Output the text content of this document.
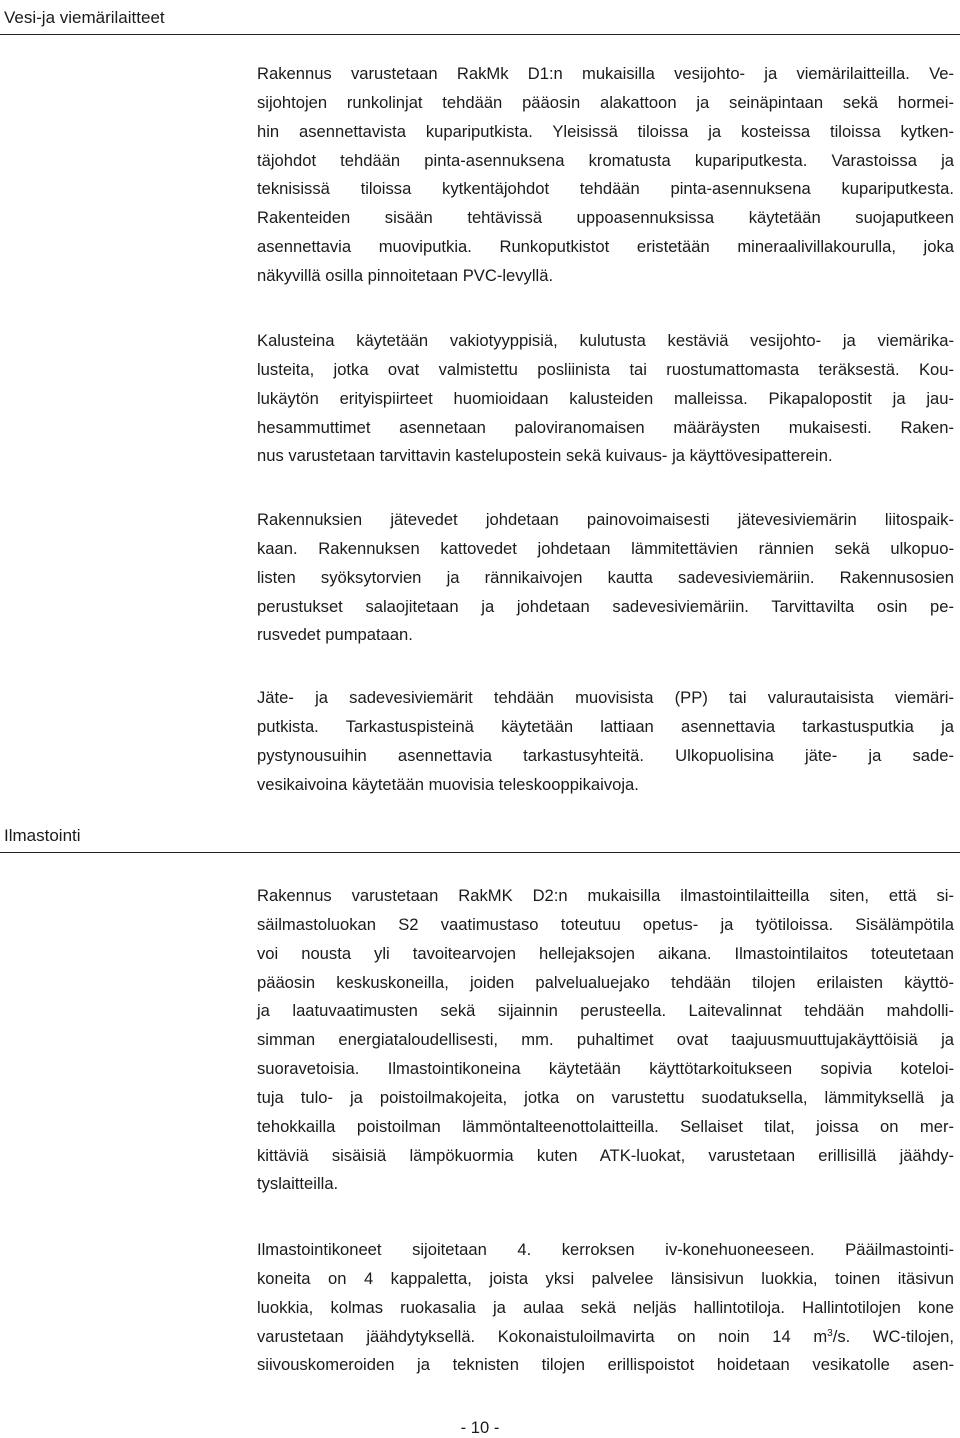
Vesi-ja viemärilaitteet
Rakennus varustetaan RakMk D1:n mukaisilla vesijohto- ja viemärilaitteilla. Ve-
sijohtojen runkolinjat tehdään pääosin alakattoon ja seinäpintaan sekä hormei-
hin asennettavista kupariputkista. Yleisissä tiloissa ja kosteissa tiloissa kytken-
täjohdot tehdään pinta-asennuksena kromatusta kupariputkesta. Varastoissa ja
teknisissä tiloissa kytkentäjohdot tehdään pinta-asennuksena kupariputkesta.
Rakenteiden sisään tehtävissä uppoasennuksissa käytetään suojaputkeen
asennettavia muoviputkia. Runkoputkistot eristetään mineraalivillakourulla, joka
näkyvillä osilla pinnoitetaan PVC-levyllä.
Kalusteina käytetään vakiotyyppisiä, kulutusta kestäviä vesijohto- ja viemärika-
lusteita, jotka ovat valmistettu posliinista tai ruostumattomasta teräksestä. Kou-
lukäytön erityispiirteet huomioidaan kalusteiden malleissa. Pikapalopostit ja jau-
hesammuttimet asennetaan paloviranomaisen määräysten mukaisesti. Raken-
nus varustetaan tarvittavin kastelupostein sekä kuivaus- ja käyttövesipatterein.
Rakennuksien jätevedet johdetaan painovoimaisesti jätevesiviemärin liitospaik-
kaan. Rakennuksen kattovedet johdetaan lämmitettävien rännien sekä ulkopuo-
listen syöksytorvien ja rännikaivojen kautta sadevesiviemäriin. Rakennusosien
perustukset salaojitetaan ja johdetaan sadevesiviemäriin. Tarvittavilta osin pe-
rusvedet pumpataan.
Jäte- ja sadevesiviemärit tehdään muovisista (PP) tai valurautaisista viemäri-
putkista. Tarkastuspisteinä käytetään lattiaan asennettavia tarkastusputkia ja
pystynousuihin asennettavia tarkastusyhteitä. Ulkopuolisina jäte- ja sade-
vesikaivoina käytetään muovisia teleskooppikaivoja.
Ilmastointi
Rakennus varustetaan RakMK D2:n mukaisilla ilmastointilaitteilla siten, että si-
säilmastoluokan S2 vaatimustaso toteutuu opetus- ja työtiloissa. Sisälämpötila
voi nousta yli tavoitearvojen hellejaksojen aikana. Ilmastointilaitos toteutetaan
pääosin keskuskoneilla, joiden palvelualuejako tehdään tilojen erilaisten käyttö-
ja laatuvaatimusten sekä sijainnin perusteella. Laitevalinnat tehdään mahdolli-
simman energiataloudellisesti, mm. puhaltimet ovat taajuusmuuttujakäyttöisiä ja
suoravetoisia. Ilmastointikoneina käytetään käyttötarkoitukseen sopivia koteloi-
tuja tulo- ja poistoilmakojeita, jotka on varustettu suodatuksella, lämmityksellä ja
tehokkailla poistoilman lämmöntalteenottolaitteilla. Sellaiset tilat, joissa on mer-
kittäviä sisäisiä lämpökuormia kuten ATK-luokat, varustetaan erillisillä jäähdy-
tyslaitteilla.
Ilmastointikoneet sijoitetaan 4. kerroksen iv-konehuoneeseen. Pääilmastointi-
koneita on 4 kappaletta, joista yksi palvelee länsisivun luokkia, toinen itäsivun
luokkia, kolmas ruokasalia ja aulaa sekä neljäs hallintotiloja. Hallintotilojen kone
varustetaan jäähdytyksellä. Kokonaistuloilmavirta on noin 14 $m^3/s$. WC-tilojen,
siivouskomeroiden ja teknisten tilojen erillispoistot hoidetaan vesikatolle asen-
- 10 -
